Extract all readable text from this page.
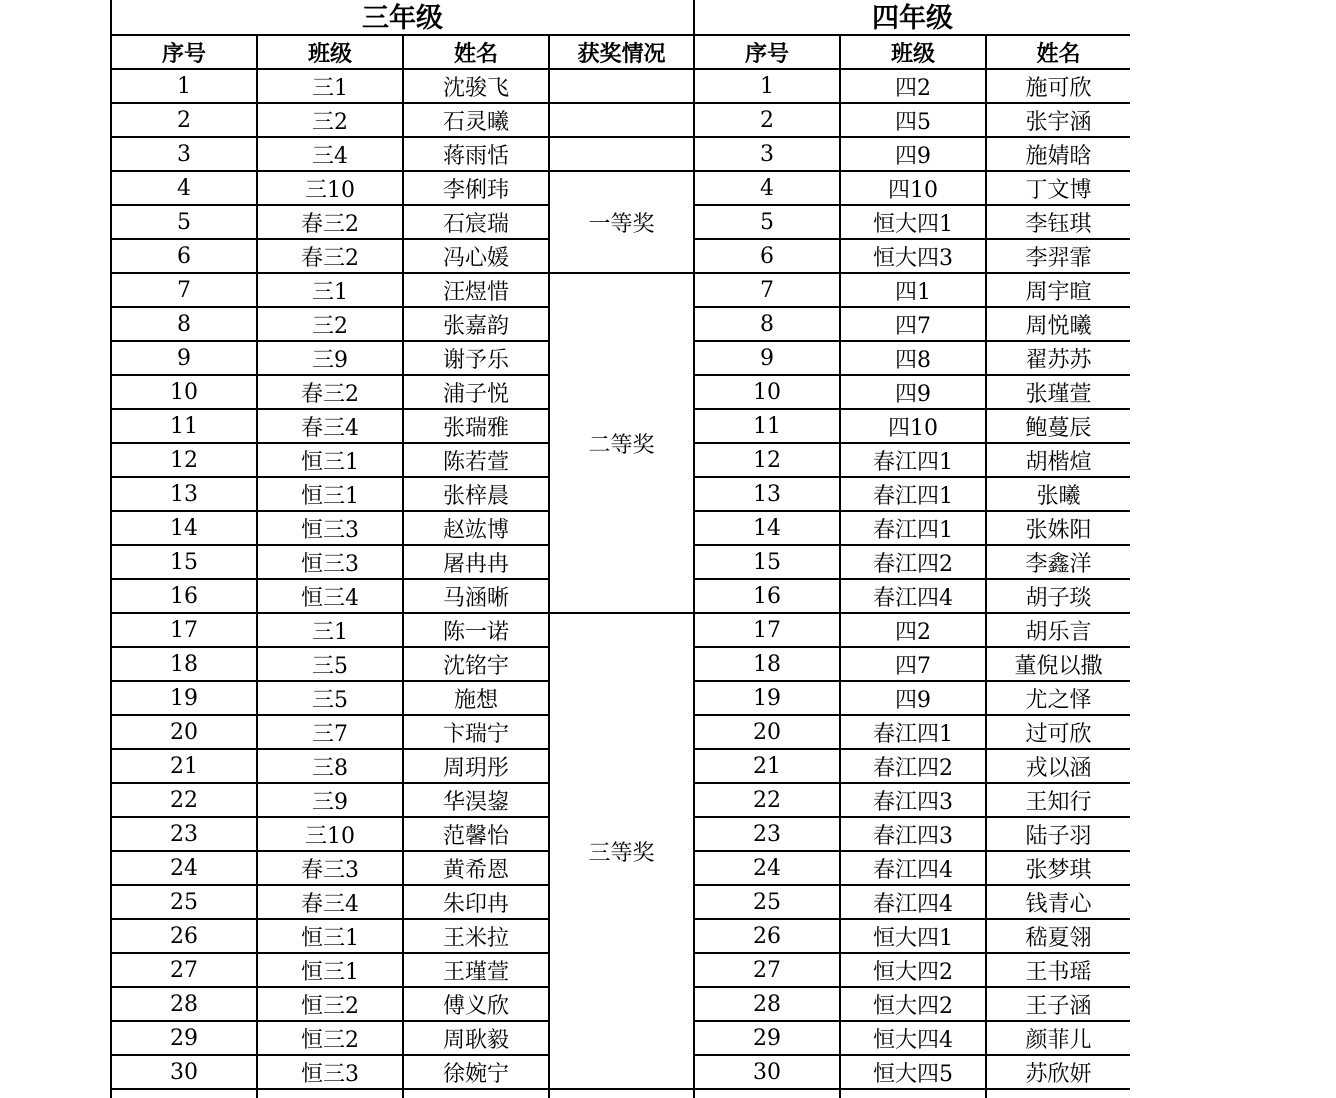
三年级				四年级			
序号	班级	姓名	获奖情况	序号	班级	姓名	
1	三1	沈骏飞		1	四2	施可欣	
2	三2	石灵曦		2	四5	张宇涵	
3	三4	蒋雨恬		3	四9	施婧晗	
4	三10	李俐玮	一等奖	4	四10	丁文博	
5	春三2	石宸瑞		5	恒大四1	李钰琪	
6	春三2	冯心媛		6	恒大四3	李羿霏	
7	三1	汪煜惜	二等奖	7	四1	周宇暄	
8	三2	张嘉韵		8	四7	周悦曦	
9	三9	谢予乐		9	四8	翟苏苏	
10	春三2	浦子悦		10	四9	张瑾萱	
11	春三4	张瑞雅		11	四10	鲍蔓辰	
12	恒三1	陈若萱		12	春江四1	胡楷煊	
13	恒三1	张梓晨		13	春江四1	张曦	
14	恒三3	赵竑博		14	春江四1	张姝阳	
15	恒三3	屠冉冉		15	春江四2	李鑫洋	
16	恒三4	马涵晰		16	春江四4	胡子琰	
17	三1	陈一诺	三等奖	17	四2	胡乐言	
18	三5	沈铭宇		18	四7	董倪以撒	
19	三5	施想		19	四9	尤之怿	
20	三7	卞瑞宁		20	春江四1	过可欣	
21	三8	周玥彤		21	春江四2	戎以涵	
22	三9	华淏鋆		22	春江四3	王知行	
23	三10	范馨怡		23	春江四3	陆子羽	
24	春三3	黄希恩		24	春江四4	张梦琪	
25	春三4	朱印冉		25	春江四4	钱青心	
26	恒三1	王米拉		26	恒大四1	嵇夏翎	
27	恒三1	王瑾萱		27	恒大四2	王书瑶	
28	恒三2	傅义欣		28	恒大四2	王子涵	
29	恒三2	周耿毅		29	恒大四4	颜菲儿	
30	恒三3	徐婉宁		30	恒大四5	苏欣妍	
